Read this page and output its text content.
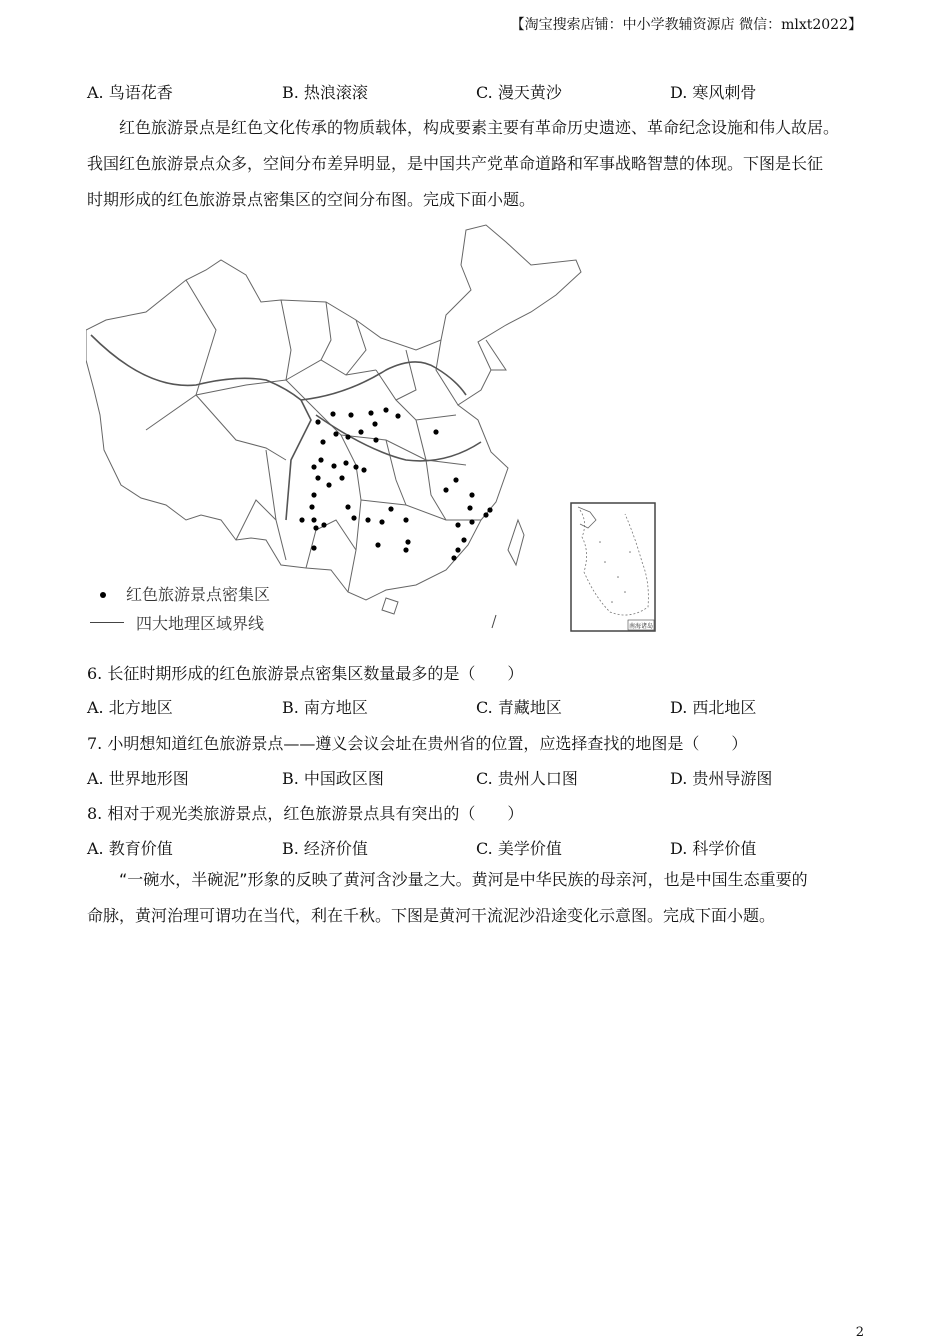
【淘宝搜索店铺：中小学教辅资源店 微信：mlxt2022】
A. 鸟语花香	B. 热浪滚滚	C. 漫天黄沙	D. 寒风刺骨
红色旅游景点是红色文化传承的物质载体，构成要素主要有革命历史遗迹、革命纪念设施和伟人故居。
我国红色旅游景点众多，空间分布差异明显，是中国共产党革命道路和军事战略智慧的体现。下图是长征
时期形成的红色旅游景点密集区的空间分布图。完成下面小题。
南海诸岛
红色旅游景点密集区
四大地理区域界线
6. 长征时期形成的红色旅游景点密集区数量最多的是（　　）
A. 北方地区	B. 南方地区	C. 青藏地区	D. 西北地区
7. 小明想知道红色旅游景点——遵义会议会址在贵州省的位置，应选择查找的地图是（　　）
A. 世界地形图	B. 中国政区图	C. 贵州人口图	D. 贵州导游图
8. 相对于观光类旅游景点，红色旅游景点具有突出的（　　）
A. 教育价值	B. 经济价值	C. 美学价值	D. 科学价值
“一碗水，半碗泥”形象的反映了黄河含沙量之大。黄河是中华民族的母亲河，也是中国生态重要的
命脉，黄河治理可谓功在当代，利在千秋。下图是黄河干流泥沙沿途变化示意图。完成下面小题。
2
